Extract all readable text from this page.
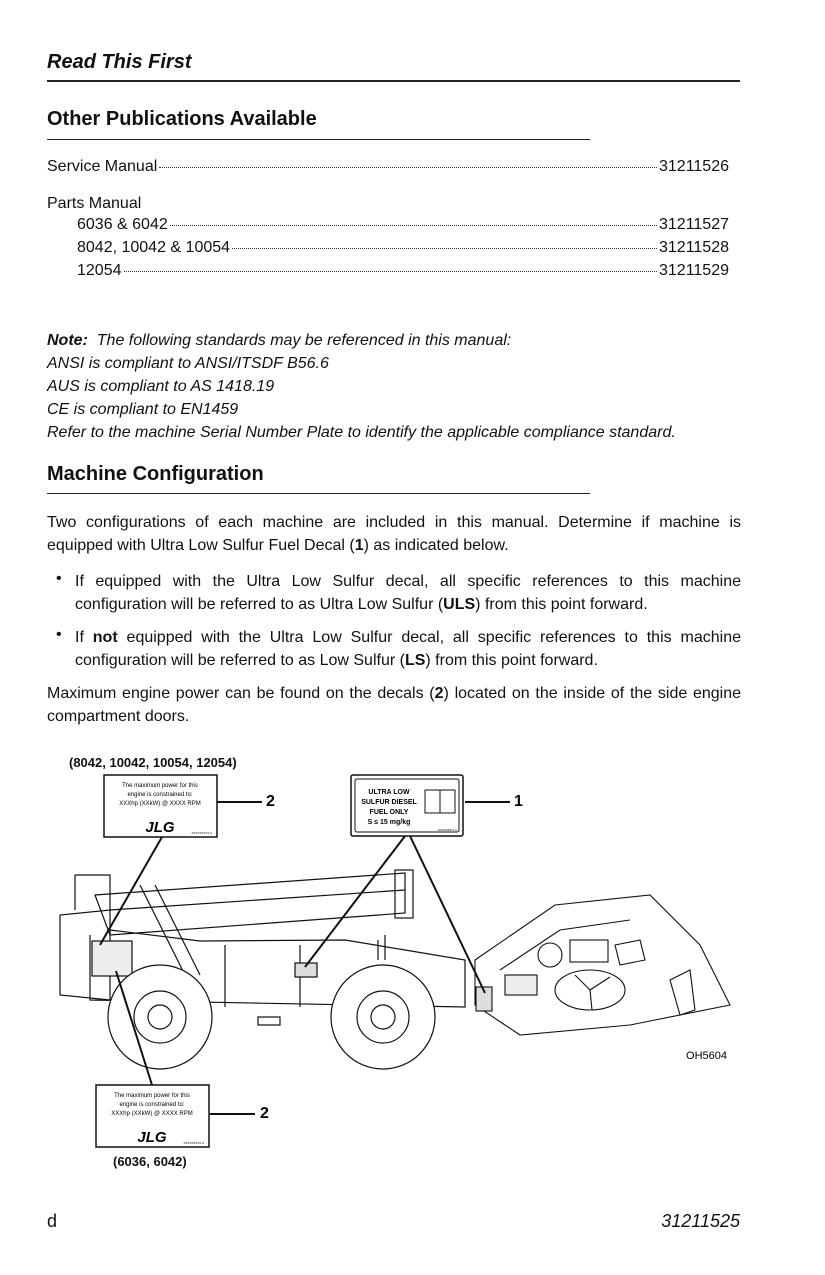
Read This First
Other Publications Available
Service Manual	31211526
Parts Manual
6036 & 6042	31211527
8042, 10042 & 10054	31211528
12054	31211529
Note: The following standards may be referenced in this manual:
ANSI is compliant to ANSI/ITSDF B56.6
AUS is compliant to AS 1418.19
CE is compliant to EN1459
Refer to the machine Serial Number Plate to identify the applicable compliance standard.
Machine Configuration
Two configurations of each machine are included in this manual. Determine if machine is equipped with Ultra Low Sulfur Fuel Decal (1) as indicated below.
• If equipped with the Ultra Low Sulfur decal, all specific references to this machine configuration will be referred to as Ultra Low Sulfur (ULS) from this point forward.
• If not equipped with the Ultra Low Sulfur decal, all specific references to this machine configuration will be referred to as Low Sulfur (LS) from this point forward.
Maximum engine power can be found on the decals (2) located on the inside of the side engine compartment doors.
(8042, 10042, 10054, 12054)
(6036, 6042)
The maximum power for this
engine is constrained to:
XXXhp (XXkW) @ XXXX RPM
JLG	XXXXXXXXX A
2
ULTRA LOW
SULFUR DIESEL
FUEL ONLY
S ≤ 15 mg/kg
1001253871 A
1
OH5604
The maximum power for this
engine is constrained to:
XXXhp (XXkW) @ XXXX RPM
JLG	XXXXXXXXX A
2
d	31211525
